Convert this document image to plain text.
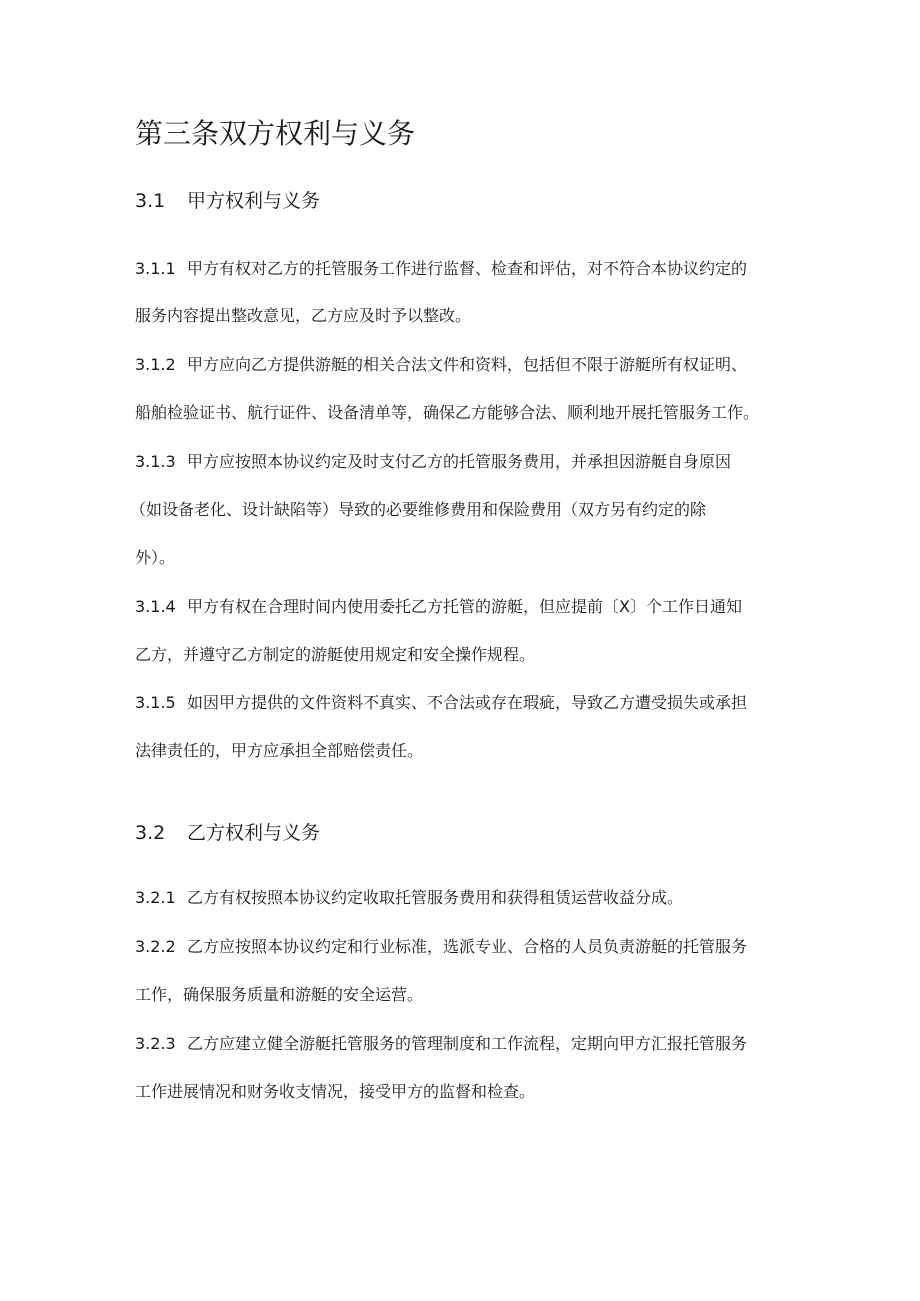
第三条双方权利与义务
3.1 甲方权利与义务
3.1.1 甲方有权对乙方的托管服务工作进行监督、检查和评估，对不符合本协议约定的
服务内容提出整改意见，乙方应及时予以整改。
3.1.2 甲方应向乙方提供游艇的相关合法文件和资料，包括但不限于游艇所有权证明、
船舶检验证书、航行证件、设备清单等，确保乙方能够合法、顺利地开展托管服务工作。
3.1.3 甲方应按照本协议约定及时支付乙方的托管服务费用，并承担因游艇自身原因
（如设备老化、设计缺陷等）导致的必要维修费用和保险费用（双方另有约定的除
外）。
3.1.4 甲方有权在合理时间内使用委托乙方托管的游艇，但应提前〔X〕个工作日通知
乙方，并遵守乙方制定的游艇使用规定和安全操作规程。
3.1.5 如因甲方提供的文件资料不真实、不合法或存在瑕疵，导致乙方遭受损失或承担
法律责任的，甲方应承担全部赔偿责任。
3.2 乙方权利与义务
3.2.1 乙方有权按照本协议约定收取托管服务费用和获得租赁运营收益分成。
3.2.2 乙方应按照本协议约定和行业标准，选派专业、合格的人员负责游艇的托管服务
工作，确保服务质量和游艇的安全运营。
3.2.3 乙方应建立健全游艇托管服务的管理制度和工作流程，定期向甲方汇报托管服务
工作进展情况和财务收支情况，接受甲方的监督和检查。
